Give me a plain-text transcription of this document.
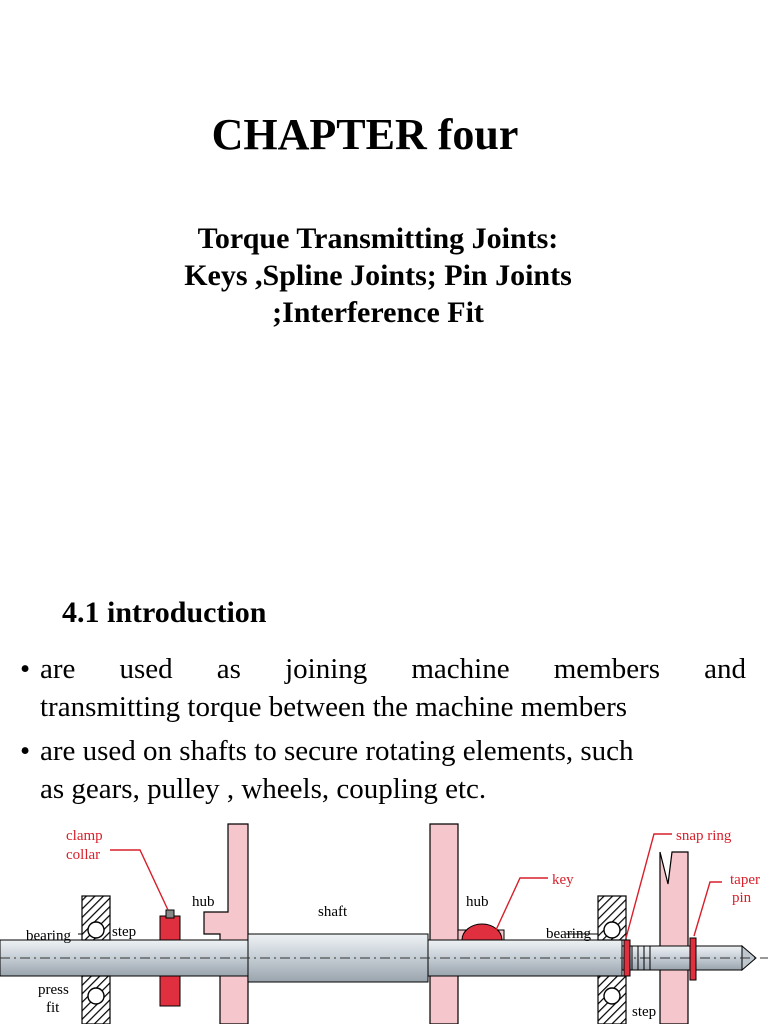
CHAPTER four
Torque Transmitting Joints:
Keys ,Spline Joints; Pin Joints
;Interference Fit
4.1 introduction
• are used as joining machine members and
transmitting torque between the machine members
• are used on shafts to secure rotating elements, such
as gears, pulley , wheels, coupling etc.
clamp
collar
hub
shaft
hub
key
snap ring
taper
pin
bearing	step	bearing
press
fit	step
